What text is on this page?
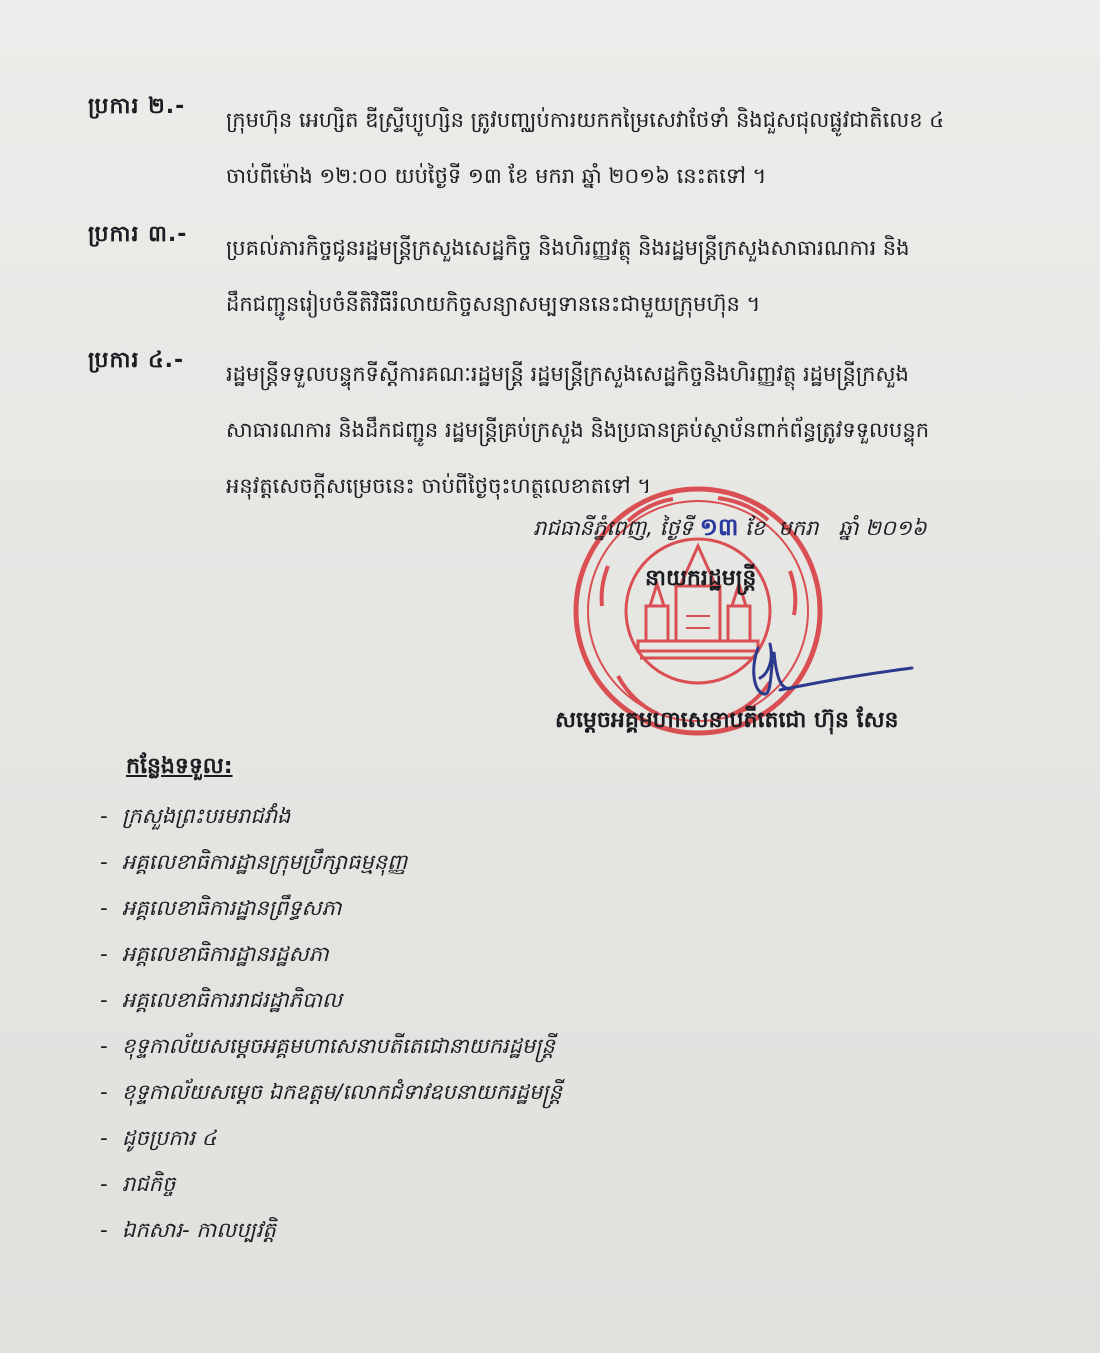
ប្រការ ២.-

ក្រុមហ៊ុន អេហ្សិត ឌីស្រ្ទីប្យូហ្សិន ត្រូវបញ្ឈប់ការយកកម្រៃសេវាថែទាំ និងជួសជុលផ្លូវជាតិលេខ ៤

ចាប់ពីម៉ោង ១២:០០ យប់ថ្ងៃទី ១៣ ខែ មករា ឆ្នាំ ២០១៦ នេះតទៅ ។

ប្រការ ៣.-

ប្រគល់ភារកិច្ចជូនរដ្ឋមន្ត្រីក្រសួងសេដ្ឋកិច្ច និងហិរញ្ញវត្ថុ និងរដ្ឋមន្ត្រីក្រសួងសាធារណការ និង

ដឹកជញ្ជូនរៀបចំនីតិវិធីរំលាយកិច្ចសន្យាសម្បទាននេះជាមួយក្រុមហ៊ុន ។

ប្រការ ៤.-

រដ្ឋមន្ត្រីទទួលបន្ទុកទីស្តីការគណៈរដ្ឋមន្ត្រី រដ្ឋមន្ត្រីក្រសួងសេដ្ឋកិច្ចនិងហិរញ្ញវត្ថុ រដ្ឋមន្ត្រីក្រសួង

សាធារណការ និងដឹកជញ្ជូន រដ្ឋមន្ត្រីគ្រប់ក្រសួង និងប្រធានគ្រប់ស្ថាប័នពាក់ព័ន្ធត្រូវទទួលបន្ទុក

អនុវត្តសេចក្តីសម្រេចនេះ ចាប់ពីថ្ងៃចុះហត្ថលេខាតទៅ ។

រាជធានីភ្នំពេញ, ថ្ងៃទី ១៣ ខែ មករា ឆ្នាំ ២០១៦
នាយករដ្ឋមន្ត្រី
សម្តេចអគ្គមហាសេនាបតីតេជោ ហ៊ុន សែន
កន្លែងទទួល:
- ក្រសួងព្រះបរមរាជវាំង
- អគ្គលេខាធិការដ្ឋានក្រុមប្រឹក្សាធម្មនុញ្ញ
- អគ្គលេខាធិការដ្ឋានព្រឹទ្ធសភា
- អគ្គលេខាធិការដ្ឋានរដ្ឋសភា
- អគ្គលេខាធិការរាជរដ្ឋាភិបាល
- ខុទ្ទកាល័យសម្តេចអគ្គមហាសេនាបតីតេជោនាយករដ្ឋមន្ត្រី
- ខុទ្ទកាល័យសម្តេច ឯកឧត្តម/លោកជំទាវឧបនាយករដ្ឋមន្ត្រី
- ដូចប្រការ ៤
- រាជកិច្ច
- ឯកសារ- កាលប្បវត្តិ
